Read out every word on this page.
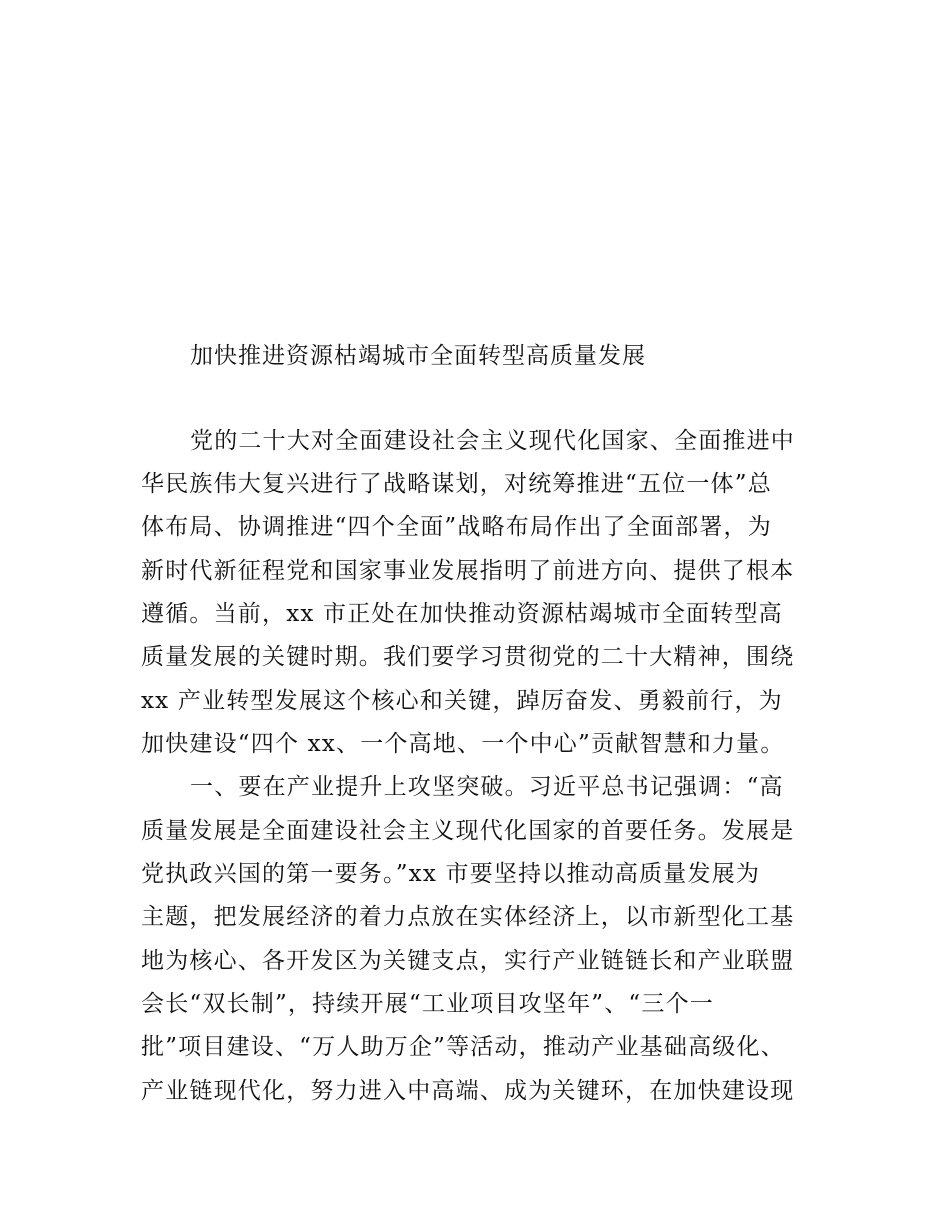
加快推进资源枯竭城市全面转型高质量发展
党的二十大对全面建设社会主义现代化国家、全面推进中
华民族伟大复兴进行了战略谋划，对统筹推进“五位一体”总
体布局、协调推进“四个全面”战略布局作出了全面部署，为
新时代新征程党和国家事业发展指明了前进方向、提供了根本
遵循。当前，xx 市正处在加快推动资源枯竭城市全面转型高
质量发展的关键时期。我们要学习贯彻党的二十大精神，围绕
xx 产业转型发展这个核心和关键，踔厉奋发、勇毅前行，为
加快建设“四个 xx、一个高地、一个中心”贡献智慧和力量。
一、要在产业提升上攻坚突破。习近平总书记强调：“高
质量发展是全面建设社会主义现代化国家的首要任务。发展是
党执政兴国的第一要务。”xx 市要坚持以推动高质量发展为
主题，把发展经济的着力点放在实体经济上，以市新型化工基
地为核心、各开发区为关键支点，实行产业链链长和产业联盟
会长“双长制”，持续开展“工业项目攻坚年”、“三个一
批”项目建设、“万人助万企”等活动，推动产业基础高级化、
产业链现代化，努力进入中高端、成为关键环，在加快建设现
